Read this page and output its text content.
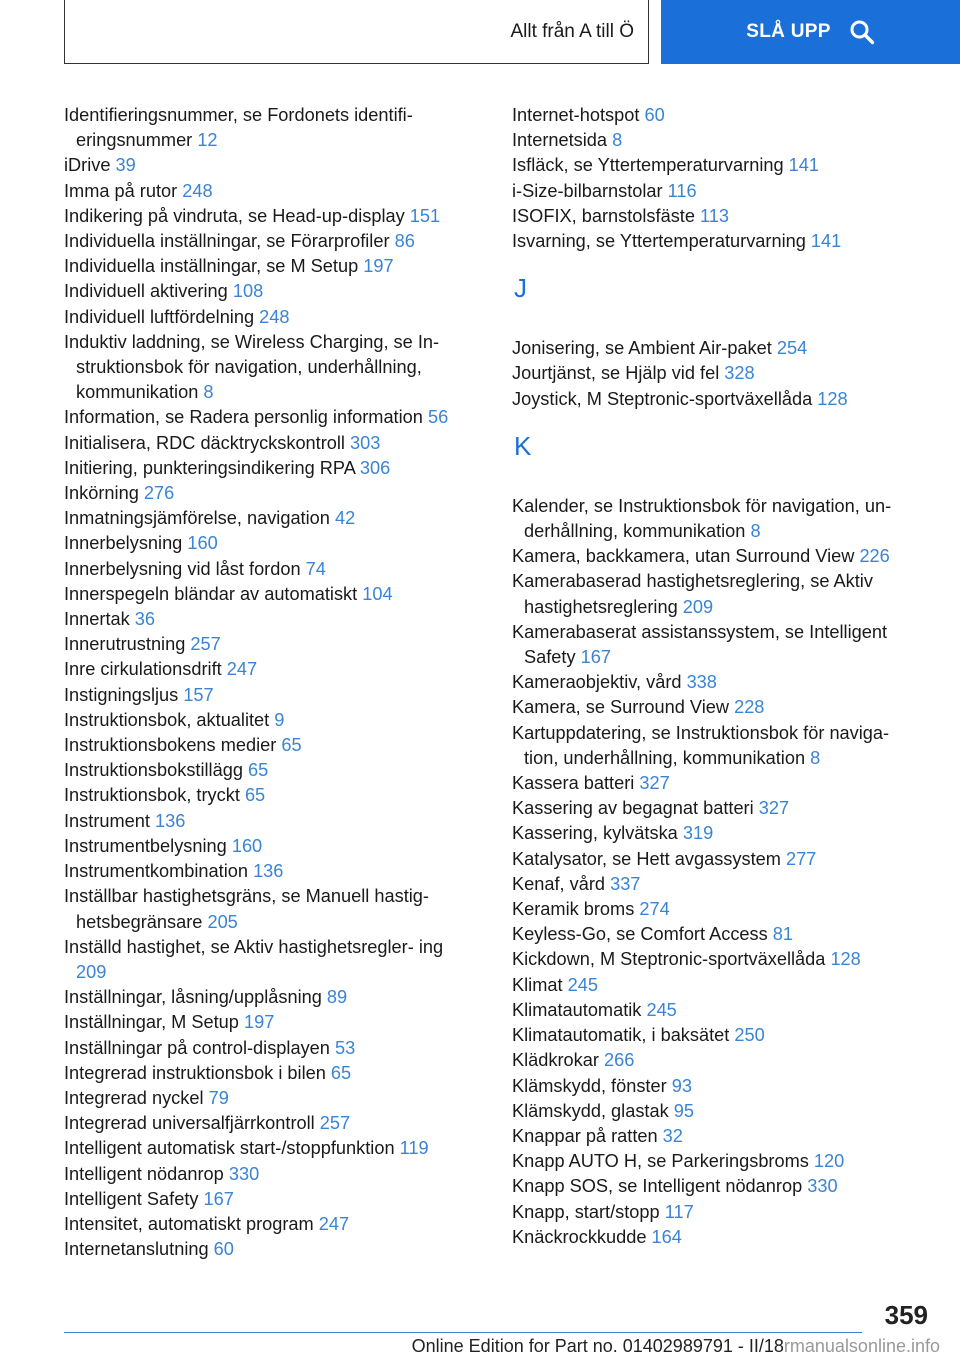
Allt från A till Ö	SLÅ UPP
Identifieringsnummer, se Fordonets identifi- eringsnummer 12
iDrive 39
Imma på rutor 248
Indikering på vindruta, se Head-up-display 151
Individuella inställningar, se Förarprofiler 86
Individuella inställningar, se M Setup 197
Individuell aktivering 108
Individuell luftfördelning 248
Induktiv laddning, se Wireless Charging, se In- struktionsbok för navigation, underhållning, kommunikation 8
Information, se Radera personlig information 56
Initialisera, RDC däcktryckskontroll 303
Initiering, punkteringsindikering RPA 306
Inkörning 276
Inmatningsjämförelse, navigation 42
Innerbelysning 160
Innerbelysning vid låst fordon 74
Innerspegeln bländar av automatiskt 104
Innertak 36
Innerutrustning 257
Inre cirkulationsdrift 247
Instigningsljus 157
Instruktionsbok, aktualitet 9
Instruktionsbokens medier 65
Instruktionsbokstillägg 65
Instruktionsbok, tryckt 65
Instrument 136
Instrumentbelysning 160
Instrumentkombination 136
Inställbar hastighetsgräns, se Manuell hastig- hetsbegränsare 205
Inställd hastighet, se Aktiv hastighetsregler- ing 209
Inställningar, låsning/upplåsning 89
Inställningar, M Setup 197
Inställningar på control-displayen 53
Integrerad instruktionsbok i bilen 65
Integrerad nyckel 79
Integrerad universalfjärrkontroll 257
Intelligent automatisk start-/stoppfunktion 119
Intelligent nödanrop 330
Intelligent Safety 167
Intensitet, automatiskt program 247
Internetanslutning 60
Internet-hotspot 60
Internetsida 8
Isfläck, se Yttertemperaturvarning 141
i-Size-bilbarnstolar 116
ISOFIX, barnstolsfäste 113
Isvarning, se Yttertemperaturvarning 141
J
Jonisering, se Ambient Air-paket 254
Jourtjänst, se Hjälp vid fel 328
Joystick, M Steptronic-sportväxellåda 128
K
Kalender, se Instruktionsbok för navigation, un- derhållning, kommunikation 8
Kamera, backkamera, utan Surround View 226
Kamerabaserad hastighetsreglering, se Aktiv hastighetsreglering 209
Kamerabaserat assistanssystem, se Intelligent Safety 167
Kameraobjektiv, vård 338
Kamera, se Surround View 228
Kartuppdatering, se Instruktionsbok för naviga- tion, underhållning, kommunikation 8
Kassera batteri 327
Kassering av begagnat batteri 327
Kassering, kylvätska 319
Katalysator, se Hett avgassystem 277
Kenaf, vård 337
Keramik broms 274
Keyless-Go, se Comfort Access 81
Kickdown, M Steptronic-sportväxellåda 128
Klimat 245
Klimatautomatik 245
Klimatautomatik, i baksätet 250
Klädkrokar 266
Klämskydd, fönster 93
Klämskydd, glastak 95
Knappar på ratten 32
Knapp AUTO H, se Parkeringsbroms 120
Knapp SOS, se Intelligent nödanrop 330
Knapp, start/stopp 117
Knäckrockkudde 164
359
Online Edition for Part no. 01402989791 - II/18rmanualsonline.info
